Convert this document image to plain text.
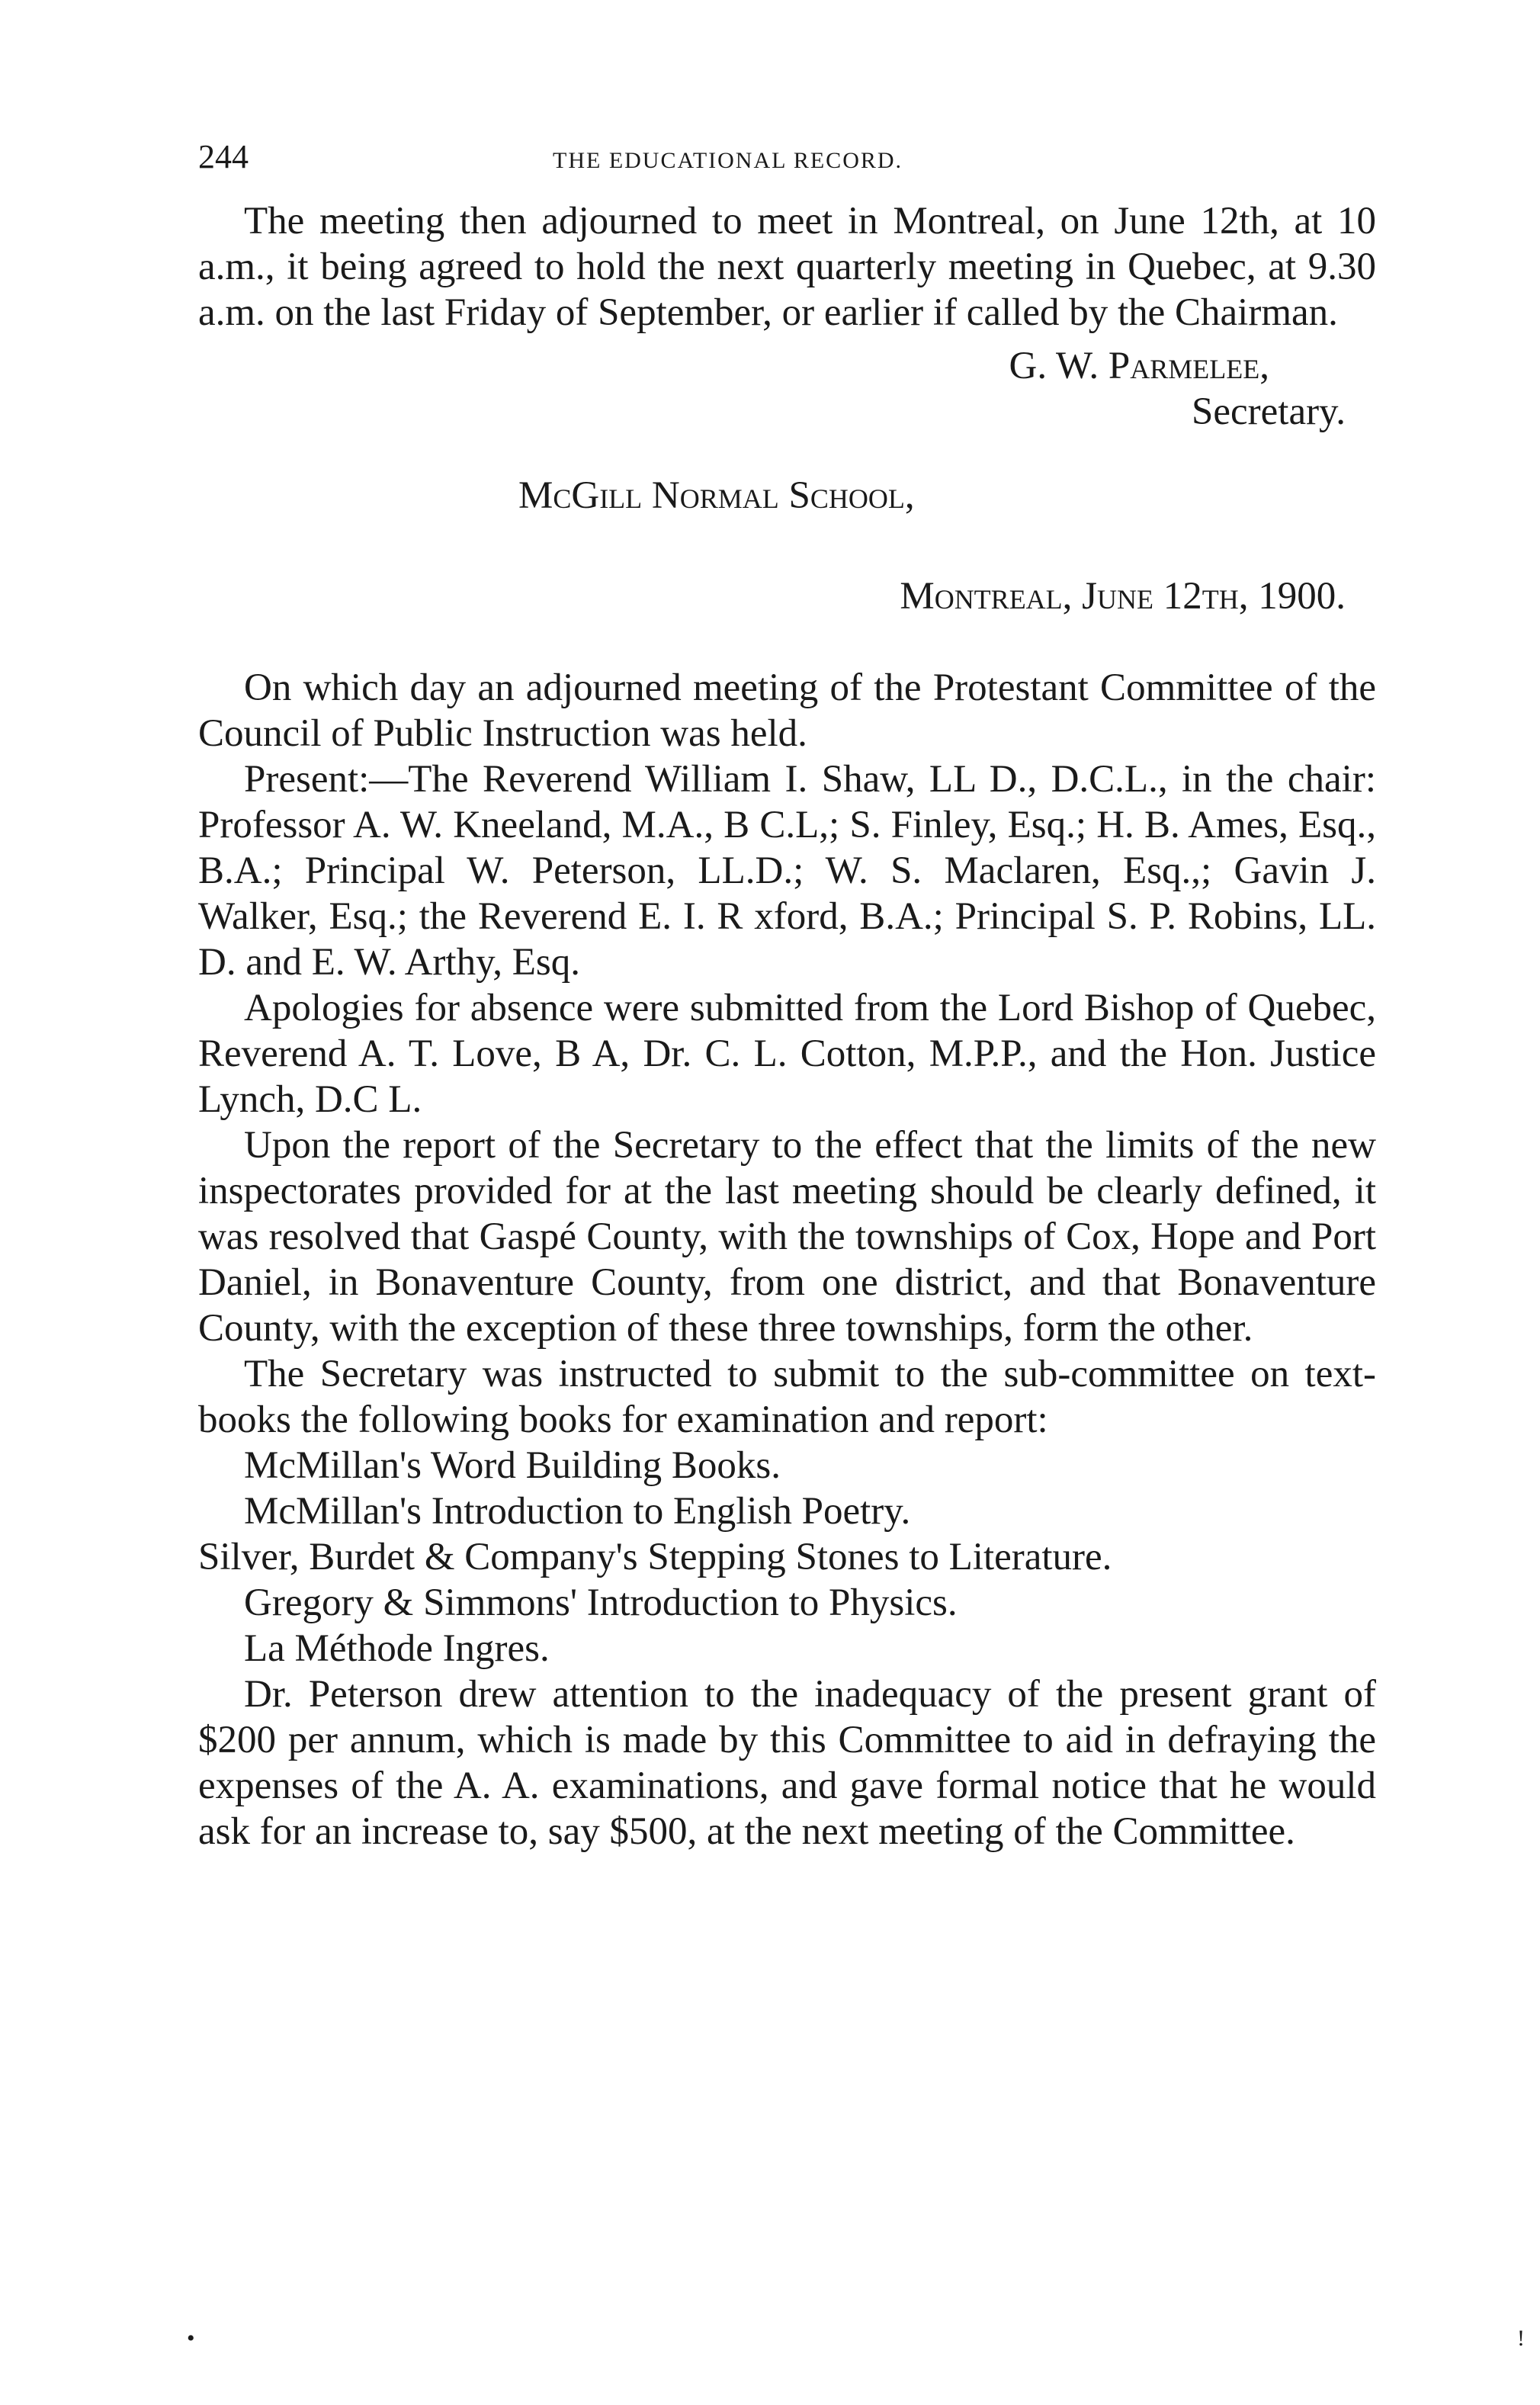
244	THE EDUCATIONAL RECORD.

The meeting then adjourned to meet in Montreal, on June 12th, at 10 a.m., it being agreed to hold the next quarterly meeting in Quebec, at 9.30 a.m. on the last Friday of September, or earlier if called by the Chairman.

G. W. Parmelee,

Secretary.

McGill Normal School,

Montreal, June 12th, 1900.

On which day an adjourned meeting of the Protestant Committee of the Council of Public Instruction was held.

Present:—The Reverend William I. Shaw, LL D., D.C.L., in the chair: Professor A. W. Kneeland, M.A., B C.L,; S. Finley, Esq.; H. B. Ames, Esq., B.A.; Principal W. Peterson, LL.D.; W. S. Maclaren, Esq.,; Gavin J. Walker, Esq.; the Reverend E. I. R xford, B.A.; Principal S. P. Robins, LL. D. and E. W. Arthy, Esq.

Apologies for absence were submitted from the Lord Bishop of Quebec, Reverend A. T. Love, B A, Dr. C. L. Cotton, M.P.P., and the Hon. Justice Lynch, D.C L.

Upon the report of the Secretary to the effect that the limits of the new inspectorates provided for at the last meeting should be clearly defined, it was resolved that Gaspé County, with the townships of Cox, Hope and Port Daniel, in Bonaventure County, from one district, and that Bonaventure County, with the exception of these three townships, form the other.

The Secretary was instructed to submit to the sub-committee on text-books the following books for examination and report:

McMillan's Word Building Books.

McMillan's Introduction to English Poetry.

Silver, Burdet & Company's Stepping Stones to Literature.

Gregory & Simmons' Introduction to Physics.

La Méthode Ingres.

Dr. Peterson drew attention to the inadequacy of the present grant of $200 per annum, which is made by this Committee to aid in defraying the expenses of the A. A. examinations, and gave formal notice that he would ask for an increase to, say $500, at the next meeting of the Committee.

•	!
